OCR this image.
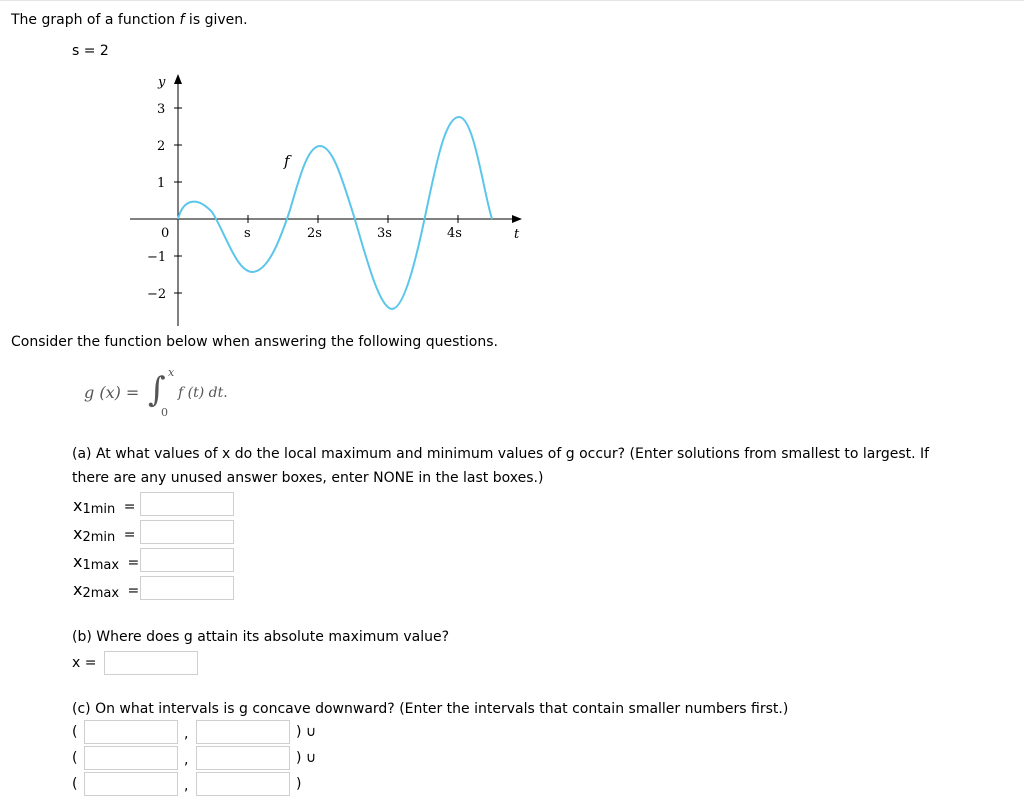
The graph of a function f is given.
s = 2
y
3
2
1
0
−1
−2
s	2s	3s	4s	t
f
Consider the function below when answering the following questions.
g (x) = ∫ x
0
f (t) dt.
(a) At what values of x do the local maximum and minimum values of g occur? (Enter solutions from smallest to largest. If
there are any unused answer boxes, enter NONE in the last boxes.)
$x_{1min}$ =
$x_{2min}$ =
$x_{1max}$ =
$x_{2max}$ =
(b) Where does g attain its absolute maximum value?
x =
(c) On what intervals is g concave downward? (Enter the intervals that contain smaller numbers first.)
(	,	) ∪
(	,	) ∪
(	,	)
